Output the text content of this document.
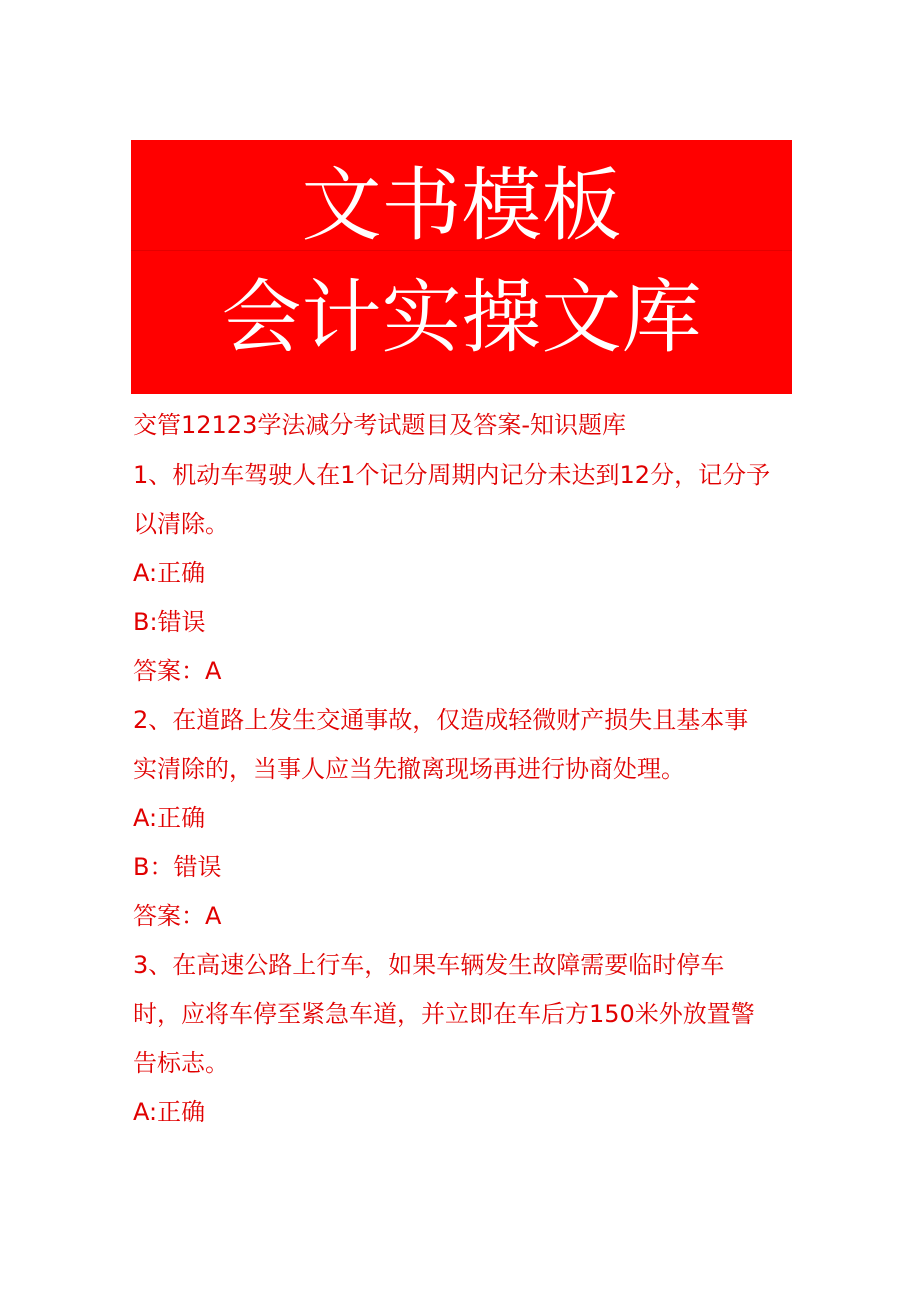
文书模板
会计实操文库
交管12123学法减分考试题目及答案-知识题库
1、机动车驾驶人在1个记分周期内记分未达到12分，记分予
以清除。
A:正确
B:错误
答案：A
2、在道路上发生交通事故，仅造成轻微财产损失且基本事
实清除的，当事人应当先撤离现场再进行协商处理。
A:正确
B：错误
答案：A
3、在高速公路上行车，如果车辆发生故障需要临时停车
时，应将车停至紧急车道，并立即在车后方150米外放置警
告标志。
A:正确
